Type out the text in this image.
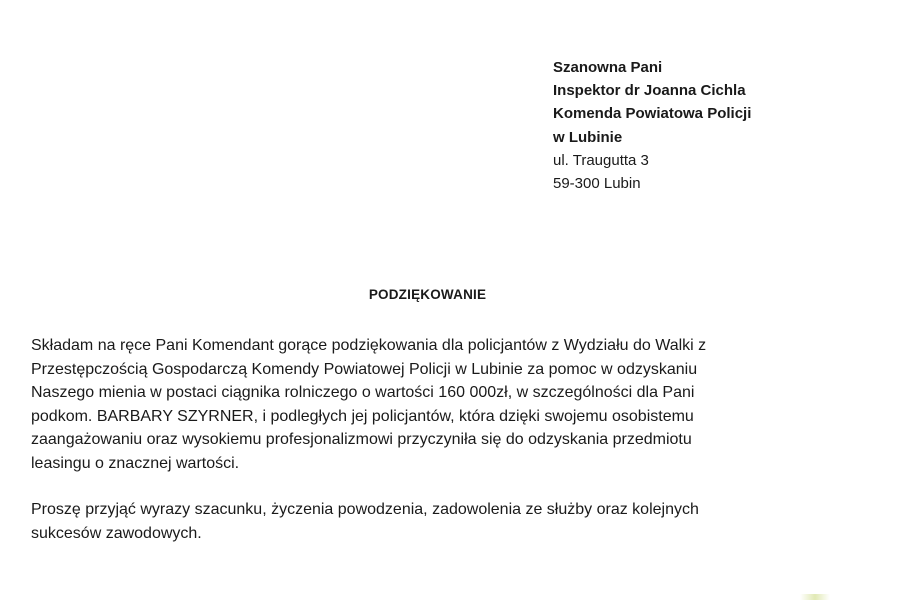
Szanowna Pani
Inspektor dr Joanna Cichla
Komenda Powiatowa Policji
w Lubinie
ul. Traugutta 3
59-300 Lubin
PODZIĘKOWANIE
Składam na ręce Pani Komendant gorące podziękowania dla policjantów z Wydziału do Walki z
Przestępczością Gospodarczą Komendy Powiatowej Policji w Lubinie za pomoc w odzyskaniu
Naszego mienia w postaci ciągnika rolniczego o wartości 160 000zł, w szczególności dla Pani
podkom. BARBARY SZYRNER, i podległych jej policjantów, która dzięki swojemu osobistemu
zaangażowaniu oraz wysokiemu profesjonalizmowi przyczyniła się do odzyskania przedmiotu
leasingu o znacznej wartości.
Proszę przyjąć wyrazy szacunku, życzenia powodzenia, zadowolenia ze służby oraz kolejnych
sukcesów zawodowych.
